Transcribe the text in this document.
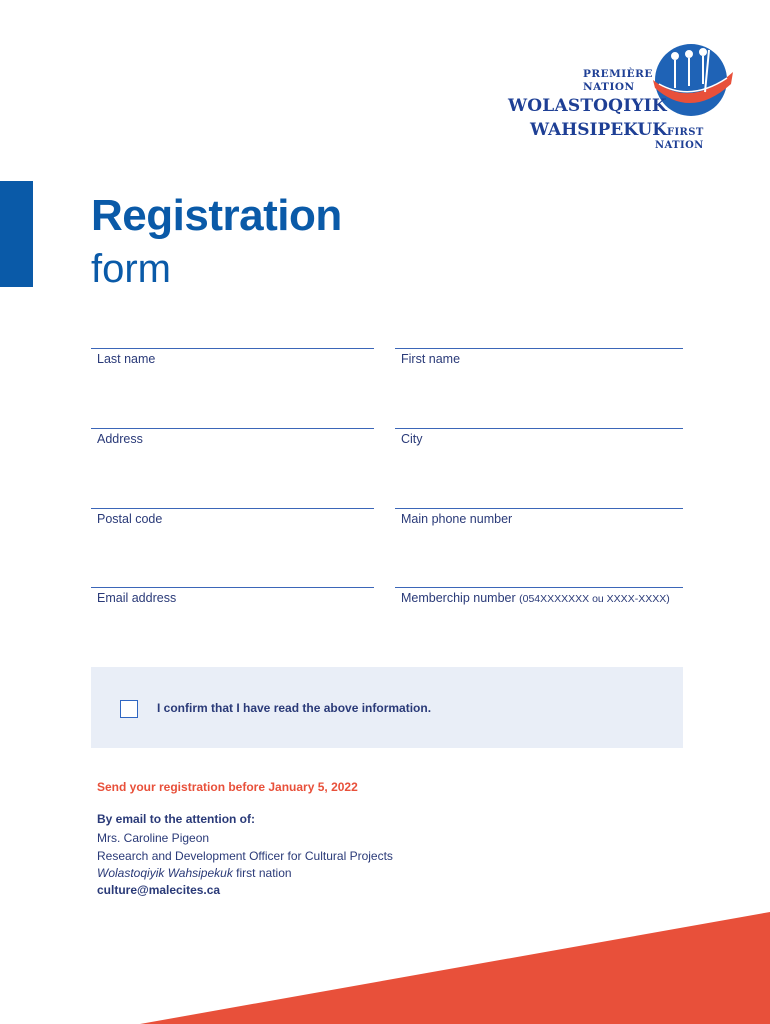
PREMIÈRE
NATION
WOLASTOQIYIK
WAHSIPEKUK FIRST
NATION
Registration
form
Last name	First name
Address	City
Postal code	Main phone number
Email address	Memberchip number (054XXXXXXX ou XXXX-XXXX)
I confirm that I have read the above information.
Send your registration before January 5, 2022
By email to the attention of:
Mrs. Caroline Pigeon
Research and Development Officer for Cultural Projects
Wolastoqiyik Wahsipekuk first nation
culture@malecites.ca
